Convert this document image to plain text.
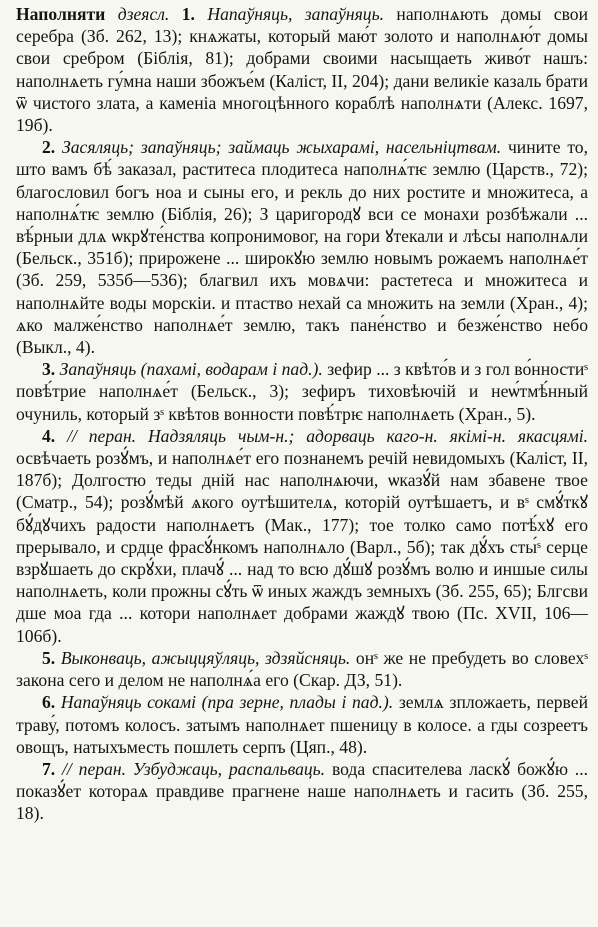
Наполняти дзеясл. 1. Напаўняць, запаўняць. наполнѧють домы свои серебра (Зб. 262, 13); кнѧжаты, который маю́т золото и наполнѧю́т домы свои сребром (Біблія, 81); добрами своими насыщаеть живо́т нашъ: наполнѧеть гу́мна наши збожъе́м (Каліст, II, 204); дани великіе казаль брати ѿ чистого злата, а каменіа многоцѣнного кораблѣ наполнѧти (Алекс. 1697, 19б).

2. Засяляць; запаўняць; займаць жыхарамі, насельніцтвам. чините то, што вамъ бѣ́ заказал, раститеса плодитеса наполнѧ́тѥ землю (Царств., 72); благословил богъ ноа и сыны его, и рекль до них ростите и множитеса, а наполнѧ́тѥ землю (Біблія, 26); З царигородꙋ вси се монахи розбѣжали ... вѣ́рныи длѧ ѡкрꙋте́нства копронимовог, на гори ꙋтекали и лѣсы наполнѧли (Бельск., 351б); прирожене ... широкꙋю землю новымъ рожаемъ наполнѧе́т (Зб. 259, 535б—536); благвил ихъ мовѧчи: растетеса и множитеса и наполнѧйте воды морскіи. и птаство нехай са множить на земли (Хран., 4); ѧко малже́нство наполнѧе́т землю, такъ пане́нство и безже́нство небо (Выкл., 4).

3. Запаўняць (пахамі, водарам і пад.). зефир ... з квѣто́в и з гол во́нностиˢ повѣ́трие наполнѧе́т (Бельск., 3); зефиръ тиховѣючій и неѡ́тмѣ́нный очуниль, который зˢ квѣтов вонности повѣ́трѥ наполнѧеть (Хран., 5).

4. // перан. Надзяляць чым-н.; адорваць каго-н. якімі-н. якасцямі. освѣчаеть розꙋ́мъ, и наполнѧе́т его познанемъ речій невидомыхъ (Каліст, II, 187б); Долгостю теды дній нас наполнѧючи, ѡказꙋ́й нам збавене твое (Сматр., 54); розꙋ́мѣй ѧкого оутѣшителѧ, которій оутѣшаетъ, и вˢ смꙋ́ткꙋ бꙋ́дꙋчихъ радости наполнѧетъ (Мак., 177); тое толко само потѣ́хꙋ его прерывало, и срдце фрасꙋ́нкомъ наполнѧло (Варл., 5б); так дꙋ́хъ сты́ˢ серце взрꙋшаеть до скрꙋ́хи, плачꙋ́ ... над то всю дꙋ́шꙋ розꙋ́мъ волю и иншые силы наполнѧеть, коли прожны сꙋ́ть ѿ иных жаждъ земныхъ (Зб. 255, 65); Блгсви дше моа гда ... котори наполнѧет добрами жаждꙋ твою (Пс. XVII, 106—106б).

5. Выконваць, ажыццяўляць, здзяйсняць. онˢ же не пребудеть во словехˢ закона сего и делом не наполнѧ́а его (Скар. ДЗ, 51).

6. Напаўняць сокамі (пра зерне, плады і пад.). землѧ зпложаеть, первей траву́, потомъ колосъ. затымъ наполнѧет пшеницу в колосе. а гды созреетъ овощъ, натыхъместь пошлеть серпъ (Цяп., 48).

7. // перан. Узбуджаць, распальваць. вода спасителева ласкꙋ́ божꙋ́ю ... показꙋ́ет котораѧ правдиве прагнене наше наполнѧеть и гасить (Зб. 255, 18).
